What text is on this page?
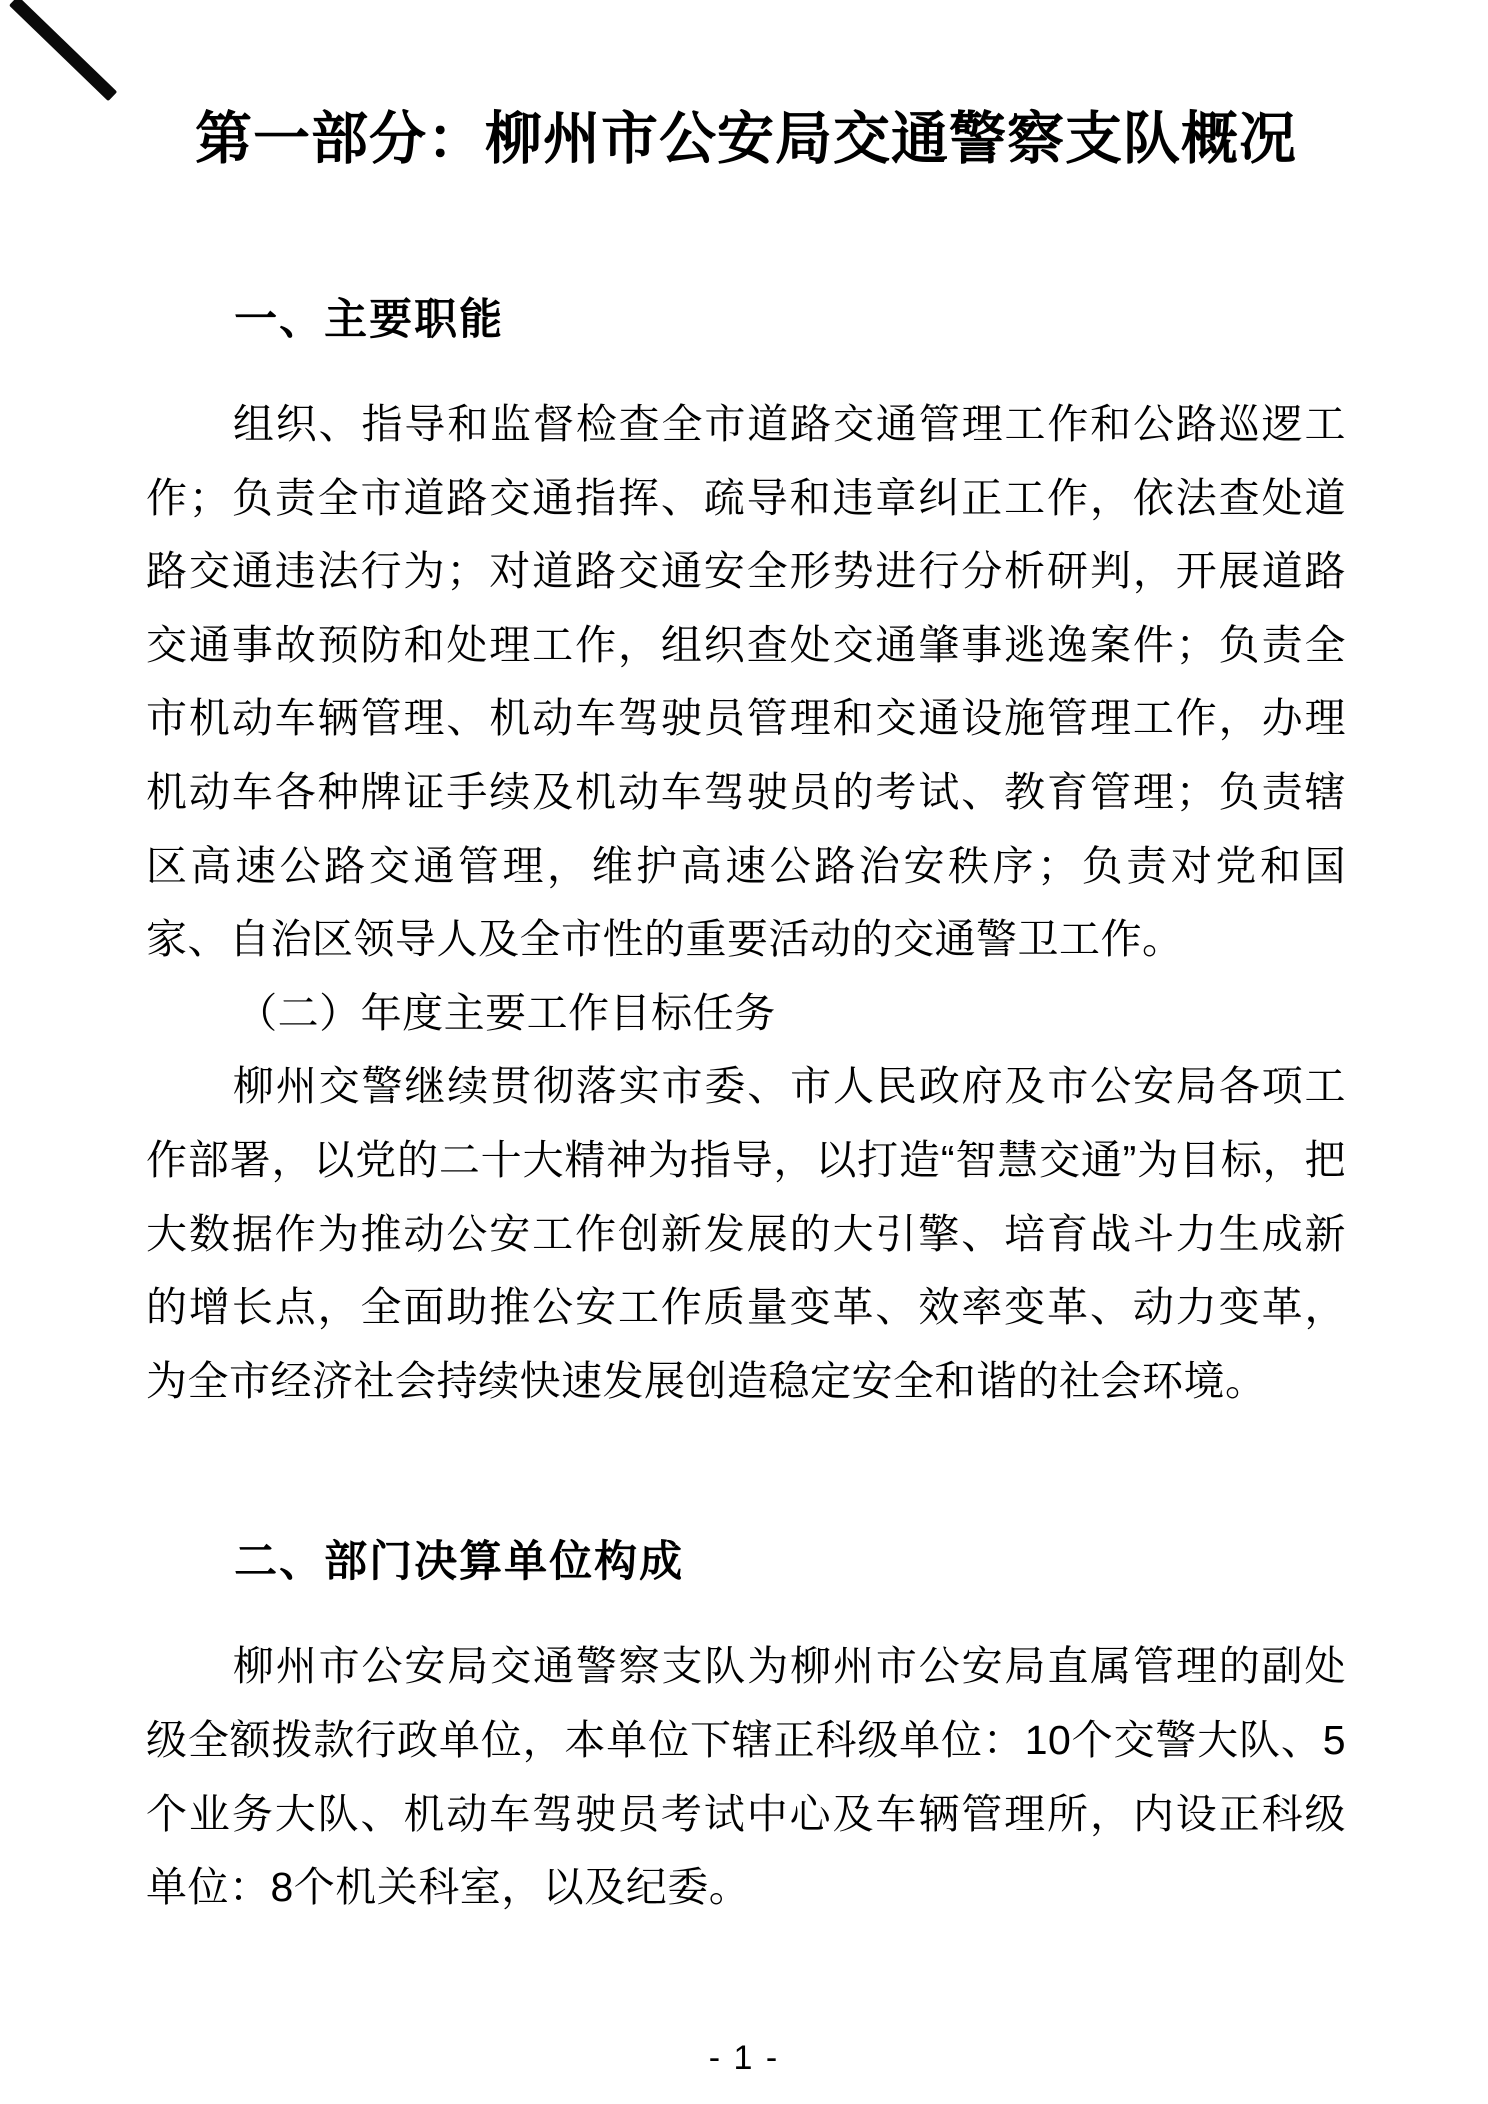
第一部分：柳州市公安局交通警察支队概况
一、主要职能

组织、指导和监督检查全市道路交通管理工作和公路巡逻工作；负责全市道路交通指挥、疏导和违章纠正工作，依法查处道路交通违法行为；对道路交通安全形势进行分析研判，开展道路交通事故预防和处理工作，组织查处交通肇事逃逸案件；负责全市机动车辆管理、机动车驾驶员管理和交通设施管理工作，办理机动车各种牌证手续及机动车驾驶员的考试、教育管理；负责辖区高速公路交通管理，维护高速公路治安秩序；负责对党和国家、自治区领导人及全市性的重要活动的交通警卫工作。

（二）年度主要工作目标任务

柳州交警继续贯彻落实市委、市人民政府及市公安局各项工作部署，以党的二十大精神为指导，以打造“智慧交通”为目标，把大数据作为推动公安工作创新发展的大引擎、培育战斗力生成新的增长点，全面助推公安工作质量变革、效率变革、动力变革，为全市经济社会持续快速发展创造稳定安全和谐的社会环境。

二、部门决算单位构成

柳州市公安局交通警察支队为柳州市公安局直属管理的副处级全额拨款行政单位，本单位下辖正科级单位：10个交警大队、5个业务大队、机动车驾驶员考试中心及车辆管理所，内设正科级单位：8个机关科室，以及纪委。

- 1 -
